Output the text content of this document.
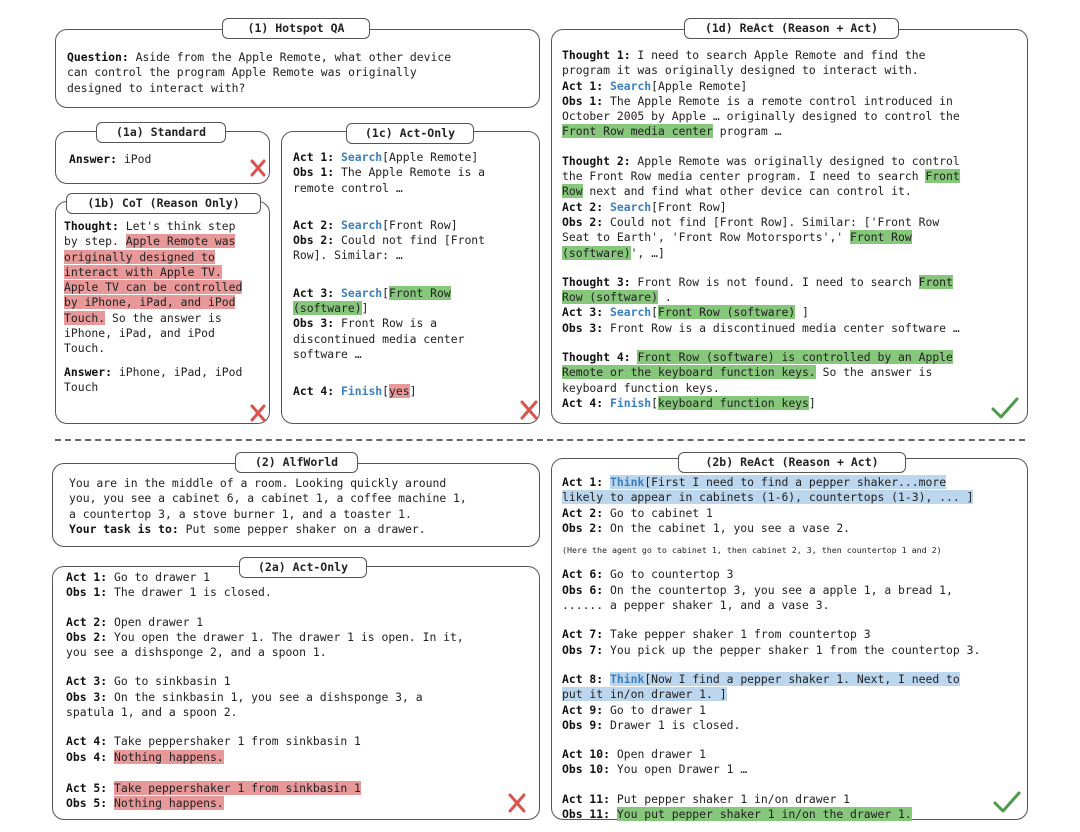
(1) Hotspot QA
Question: Aside from the Apple Remote, what other device
can control the program Apple Remote was originally
designed to interact with?
(1a) Standard
Answer: iPod
(1b) CoT (Reason Only)
Thought: Let's think step
by step. Apple Remote was
originally designed to
interact with Apple TV.
Apple TV can be controlled
by iPhone, iPad, and iPod
Touch. So the answer is
iPhone, iPad, and iPod
Touch.
Answer: iPhone, iPad, iPod
Touch
(1c) Act-Only
Act 1: Search[Apple Remote]
Obs 1: The Apple Remote is a
remote control …
Act 2: Search[Front Row]
Obs 2: Could not find [Front
Row]. Similar: …
Act 3: Search[Front Row
(software)]
Obs 3: Front Row is a
discontinued media center
software …
Act 4: Finish[yes]
(1d) ReAct (Reason + Act)
Thought 1: I need to search Apple Remote and find the
program it was originally designed to interact with.
Act 1: Search[Apple Remote]
Obs 1: The Apple Remote is a remote control introduced in
October 2005 by Apple … originally designed to control the
Front Row media center program …
Thought 2: Apple Remote was originally designed to control
the Front Row media center program. I need to search Front
Row next and find what other device can control it.
Act 2: Search[Front Row]
Obs 2: Could not find [Front Row]. Similar: ['Front Row
Seat to Earth', 'Front Row Motorsports',' Front Row
(software)', …]
Thought 3: Front Row is not found. I need to search Front
Row (software) .
Act 3: Search[Front Row (software) ]
Obs 3: Front Row is a discontinued media center software …
Thought 4: Front Row (software) is controlled by an Apple
Remote or the keyboard function keys. So the answer is
keyboard function keys.
Act 4: Finish[keyboard function keys]
(2) AlfWorld
You are in the middle of a room. Looking quickly around
you, you see a cabinet 6, a cabinet 1, a coffee machine 1,
a countertop 3, a stove burner 1, and a toaster 1.
Your task is to: Put some pepper shaker on a drawer.
(2a) Act-Only
Act 1: Go to drawer 1
Obs 1: The drawer 1 is closed.
Act 2: Open drawer 1
Obs 2: You open the drawer 1. The drawer 1 is open. In it,
you see a dishsponge 2, and a spoon 1.
Act 3: Go to sinkbasin 1
Obs 3: On the sinkbasin 1, you see a dishsponge 3, a
spatula 1, and a spoon 2.
Act 4: Take peppershaker 1 from sinkbasin 1
Obs 4: Nothing happens.
Act 5: Take peppershaker 1 from sinkbasin 1
Obs 5: Nothing happens.
(2b) ReAct (Reason + Act)
Act 1: Think[First I need to find a pepper shaker...more
likely to appear in cabinets (1-6), countertops (1-3), ... ]
Act 2: Go to cabinet 1
Obs 2: On the cabinet 1, you see a vase 2.
(Here the agent go to cabinet 1, then cabinet 2, 3, then countertop 1 and 2)
Act 6: Go to countertop 3
Obs 6: On the countertop 3, you see a apple 1, a bread 1,
...... a pepper shaker 1, and a vase 3.
Act 7: Take pepper shaker 1 from countertop 3
Obs 7: You pick up the pepper shaker 1 from the countertop 3.
Act 8: Think[Now I find a pepper shaker 1. Next, I need to
put it in/on drawer 1. ]
Act 9: Go to drawer 1
Obs 9: Drawer 1 is closed.
Act 10: Open drawer 1
Obs 10: You open Drawer 1 …
Act 11: Put pepper shaker 1 in/on drawer 1
Obs 11: You put pepper shaker 1 in/on the drawer 1.
